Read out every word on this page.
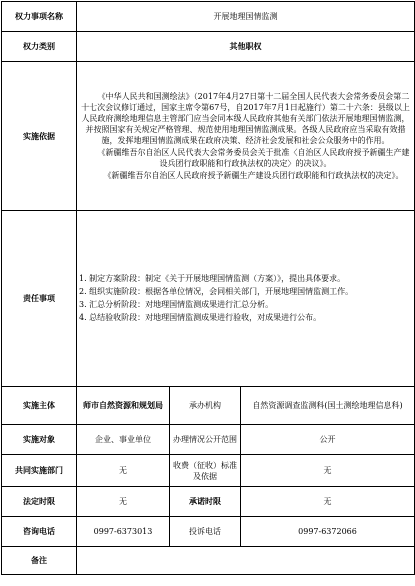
权力事项名称	开展地理国情监测		
权力类别	其他职权		
实施依据	《中华人民共和国测绘法》（2017年4月27日第十二届全国人民代表大会常务委员会第二十七次会议修订通过，国家主席令第67号，自2017年7月1日起施行）第二十六条：县级以上人民政府测绘地理信息主管部门应当会同本级人民政府其他有关部门依法开展地理国情监测，并按照国家有关规定严格管理、规范使用地理国情监测成果。各级人民政府应当采取有效措施，发挥地理国情监测成果在政府决策、经济社会发展和社会公众服务中的作用。

《新疆维吾尔自治区人民代表大会常务委员会关于批准〈自治区人民政府授予新疆生产建设兵团行政职能和行政执法权的决定〉的决议》。

《新疆维吾尔自治区人民政府授予新疆生产建设兵团行政职能和行政执法权的决定》。		

责任事项	1. 制定方案阶段：制定《关于开展地理国情监测（方案）》，提出具体要求。

2. 组织实施阶段：根据各单位情况，会同相关部门，开展地理国情监测工作。

3. 汇总分析阶段：对地理国情监测成果进行汇总分析。

4. 总结验收阶段：对地理国情监测成果进行验收，对成果进行公布。		

实施主体	师市自然资源和规划局	承办机构	自然资源调查监测科(国土测绘地理信息科)
实施对象	企业、事业单位	办理情况公开范围	公开
共同实施部门	无	收费（征收）标准及依据	无
法定时限	无	承诺时限	无
咨询电话	0997-6373013	投诉电话	0997-6372066
备注			
